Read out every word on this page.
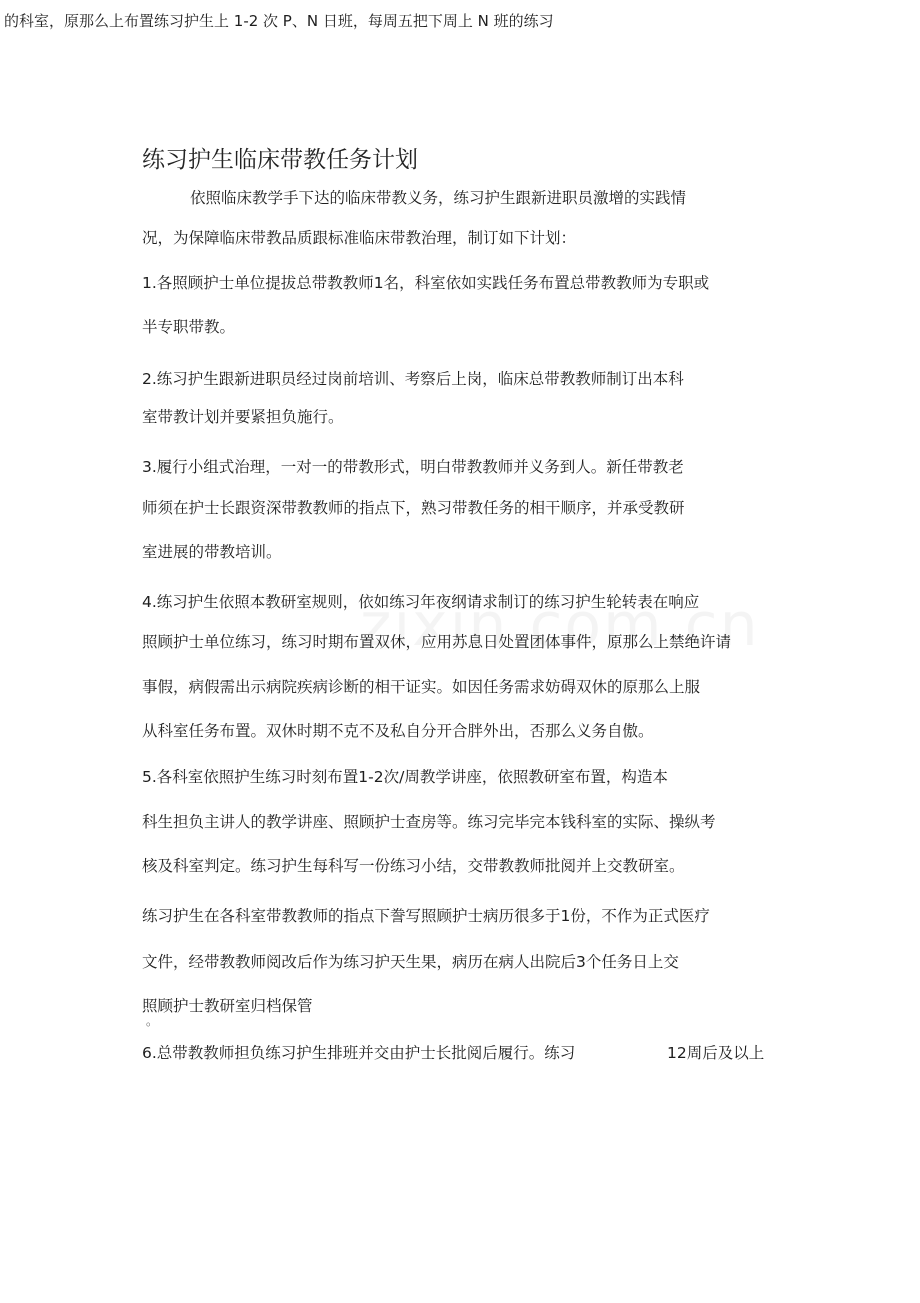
的科室，原那么上布置练习护生上 1-2 次 P、N 日班，每周五把下周上 N 班的练习
练习护生临床带教任务计划
依照临床教学手下达的临床带教义务，练习护生跟新进职员激增的实践情
况，为保障临床带教品质跟标准临床带教治理，制订如下计划：
1.各照顾护士单位提拔总带教教师1名，科室依如实践任务布置总带教教师为专职或
半专职带教。
2.练习护生跟新进职员经过岗前培训、考察后上岗，临床总带教教师制订出本科
室带教计划并要紧担负施行。
3.履行小组式治理，一对一的带教形式，明白带教教师并义务到人。新任带教老
师须在护士长跟资深带教教师的指点下，熟习带教任务的相干顺序，并承受教研
室进展的带教培训。
4.练习护生依照本教研室规则，依如练习年夜纲请求制订的练习护生轮转表在响应
照顾护士单位练习，练习时期布置双休，应用苏息日处置团体事件，原那么上禁绝许请
事假，病假需出示病院疾病诊断的相干证实。如因任务需求妨碍双休的原那么上服
从科室任务布置。双休时期不克不及私自分开合胖外出，否那么义务自傲。
5.各科室依照护生练习时刻布置1-2次/周教学讲座，依照教研室布置，构造本
科生担负主讲人的教学讲座、照顾护士查房等。练习完毕完本钱科室的实际、操纵考
核及科室判定。练习护生每科写一份练习小结，交带教教师批阅并上交教研室。
练习护生在各科室带教教师的指点下誊写照顾护士病历很多于1份，不作为正式医疗
文件，经带教教师阅改后作为练习护天生果，病历在病人出院后3个任务日上交
照顾护士教研室归档保管
。
6.总带教教师担负练习护生排班并交由护士长批阅后履行。练习	12周后及以上
